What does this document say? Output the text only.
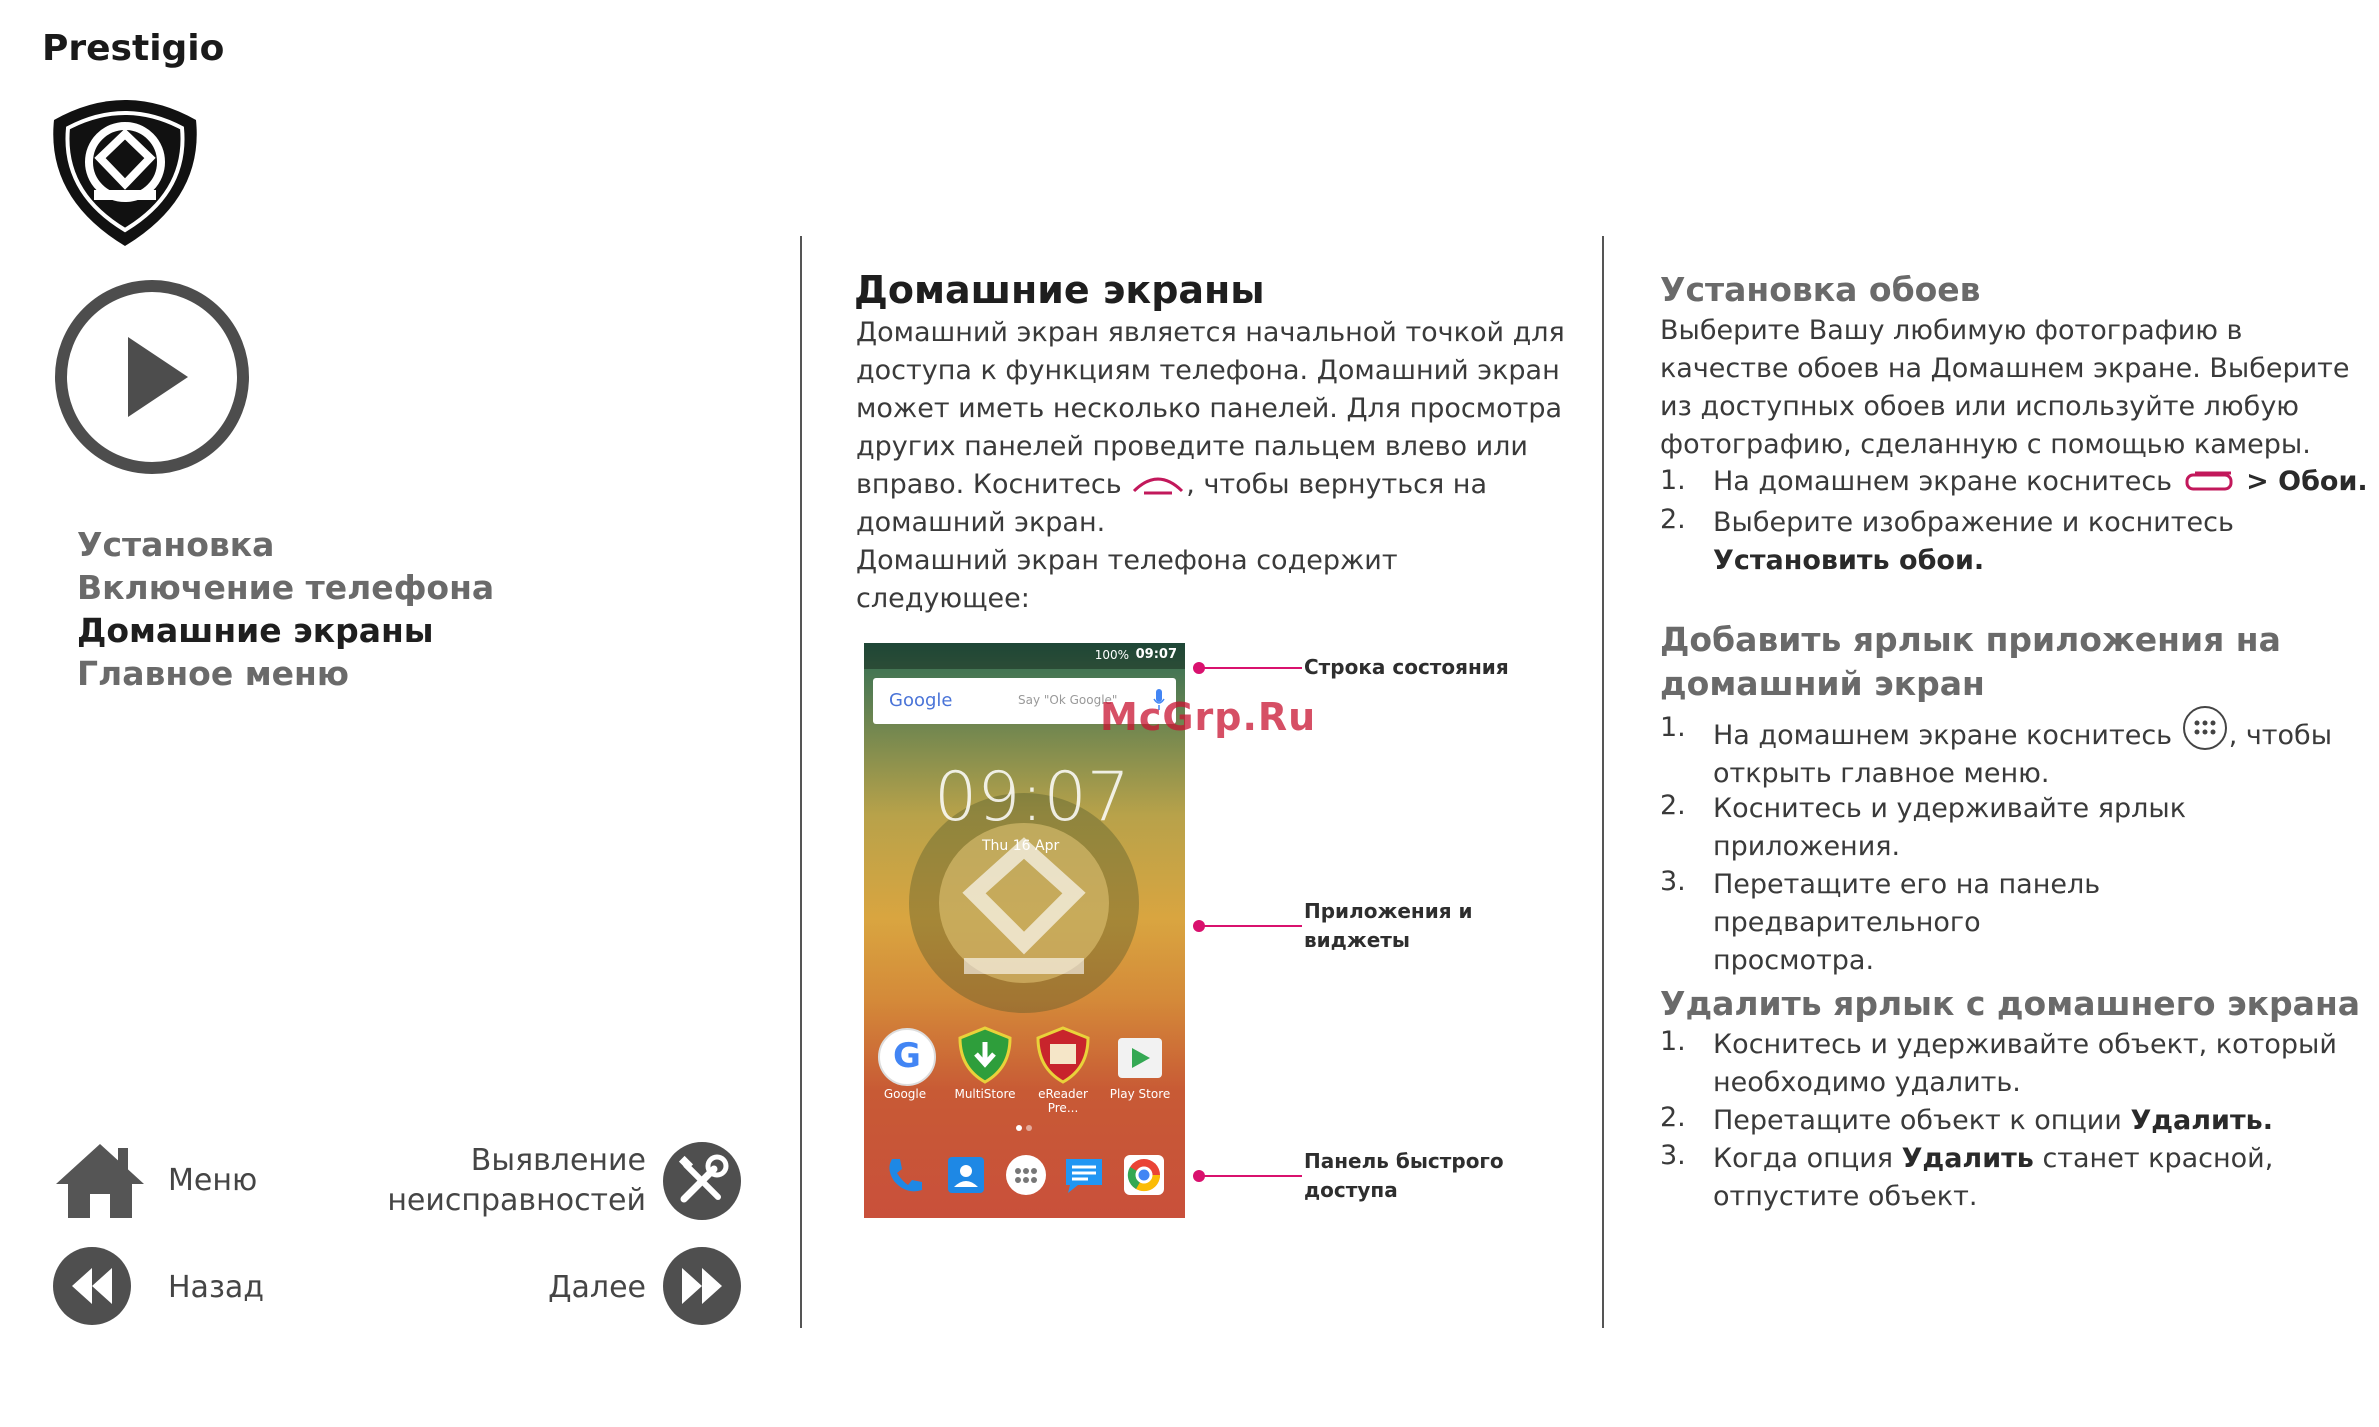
Prestigio
Установка
Включение телефона
Домашние экраны
Главное меню
Меню
Выявление
неисправностей
Назад	Далее
Домашние экраны
Домашний экран является начальной точкой для
доступа к функциям телефона. Домашний экран
может иметь несколько панелей. Для просмотра
других панелей проведите пальцем влево или
вправо. Коснитесь , чтобы вернуться на
домашний экран.
Домашний экран телефона содержит
следующее:
100% 09:07
Google	Say "Ok Google"
09:07
Thu 16 Apr
G
Google	MultiStore	eReader Pre...
Play Store
McGrp.Ru
Строка состояния
Приложения и
виджеты
Панель быстрого
доступа
Установка обоев
Выберите Вашу любимую фотографию в
качестве обоев на Домашнем экране. Выберите
из доступных обоев или используйте любую
фотографию, сделанную с помощью камеры.
1. На домашнем экране коснитесь  > Обои.
2. Выберите изображение и коснитесь
Установить обои.
Добавить ярлык приложения на
домашний экран
1. На домашнем экране коснитесь , чтобы
открыть главное меню.
2. Коснитесь и удерживайте ярлык
приложения.
3. Перетащите его на панель предварительного
просмотра.
Удалить ярлык с домашнего экрана
1. Коснитесь и удерживайте объект, который
необходимо удалить.
2. Перетащите объект к опции Удалить.
3. Когда опция Удалить станет красной,
отпустите объект.
